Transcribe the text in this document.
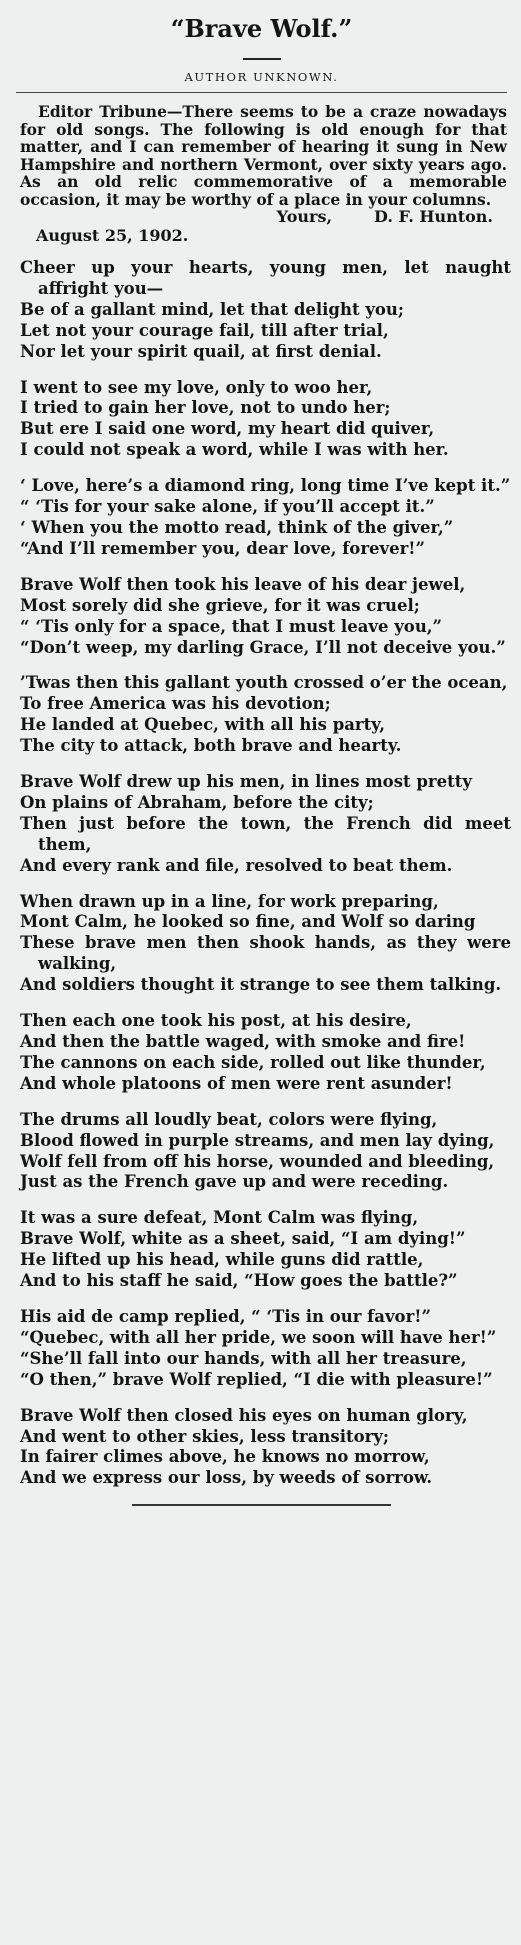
“Brave Wolf.”

AUTHOR UNKNOWN.

Editor Tribune—There seems to be a craze nowadays for old songs. The following is old enough for that matter, and I can remember of hearing it sung in New Hampshire and northern Vermont, over sixty years ago. As an old relic commemorative of a memorable occasion, it may be worthy of a place in your columns.

Yours,	D. F. Hunton.

August 25, 1902.

Cheer up your hearts, young men, let naught affright you—

Be of a gallant mind, let that delight you;

Let not your courage fail, till after trial,

Nor let your spirit quail, at first denial.

I went to see my love, only to woo her,

I tried to gain her love, not to undo her;

But ere I said one word, my heart did quiver,

I could not speak a word, while I was with her.

‘ Love, here’s a diamond ring, long time I’ve kept it.”

“ ‘Tis for your sake alone, if you’ll accept it.”

‘ When you the motto read, think of the giver,”

“And I’ll remember you, dear love, forever!”

Brave Wolf then took his leave of his dear jewel,

Most sorely did she grieve, for it was cruel;

“ ‘Tis only for a space, that I must leave you,”

“Don’t weep, my darling Grace, I’ll not deceive you.”

’Twas then this gallant youth crossed o’er the ocean,

To free America was his devotion;

He landed at Quebec, with all his party,

The city to attack, both brave and hearty.

Brave Wolf drew up his men, in lines most pretty

On plains of Abraham, before the city;

Then just before the town, the French did meet them,

And every rank and file, resolved to beat them.

When drawn up in a line, for work preparing,

Mont Calm, he looked so fine, and Wolf so daring

These brave men then shook hands, as they were walking,

And soldiers thought it strange to see them talking.

Then each one took his post, at his desire,

And then the battle waged, with smoke and fire!

The cannons on each side, rolled out like thunder,

And whole platoons of men were rent asunder!

The drums all loudly beat, colors were flying,

Blood flowed in purple streams, and men lay dying,

Wolf fell from off his horse, wounded and bleeding,

Just as the French gave up and were receding.

It was a sure defeat, Mont Calm was flying,

Brave Wolf, white as a sheet, said, “I am dying!”

He lifted up his head, while guns did rattle,

And to his staff he said, “How goes the battle?”

His aid de camp replied, “ ‘Tis in our favor!”

“Quebec, with all her pride, we soon will have her!”

“She’ll fall into our hands, with all her treasure,

“O then,” brave Wolf replied, “I die with pleasure!”

Brave Wolf then closed his eyes on human glory,

And went to other skies, less transitory;

In fairer climes above, he knows no morrow,

And we express our loss, by weeds of sorrow.
